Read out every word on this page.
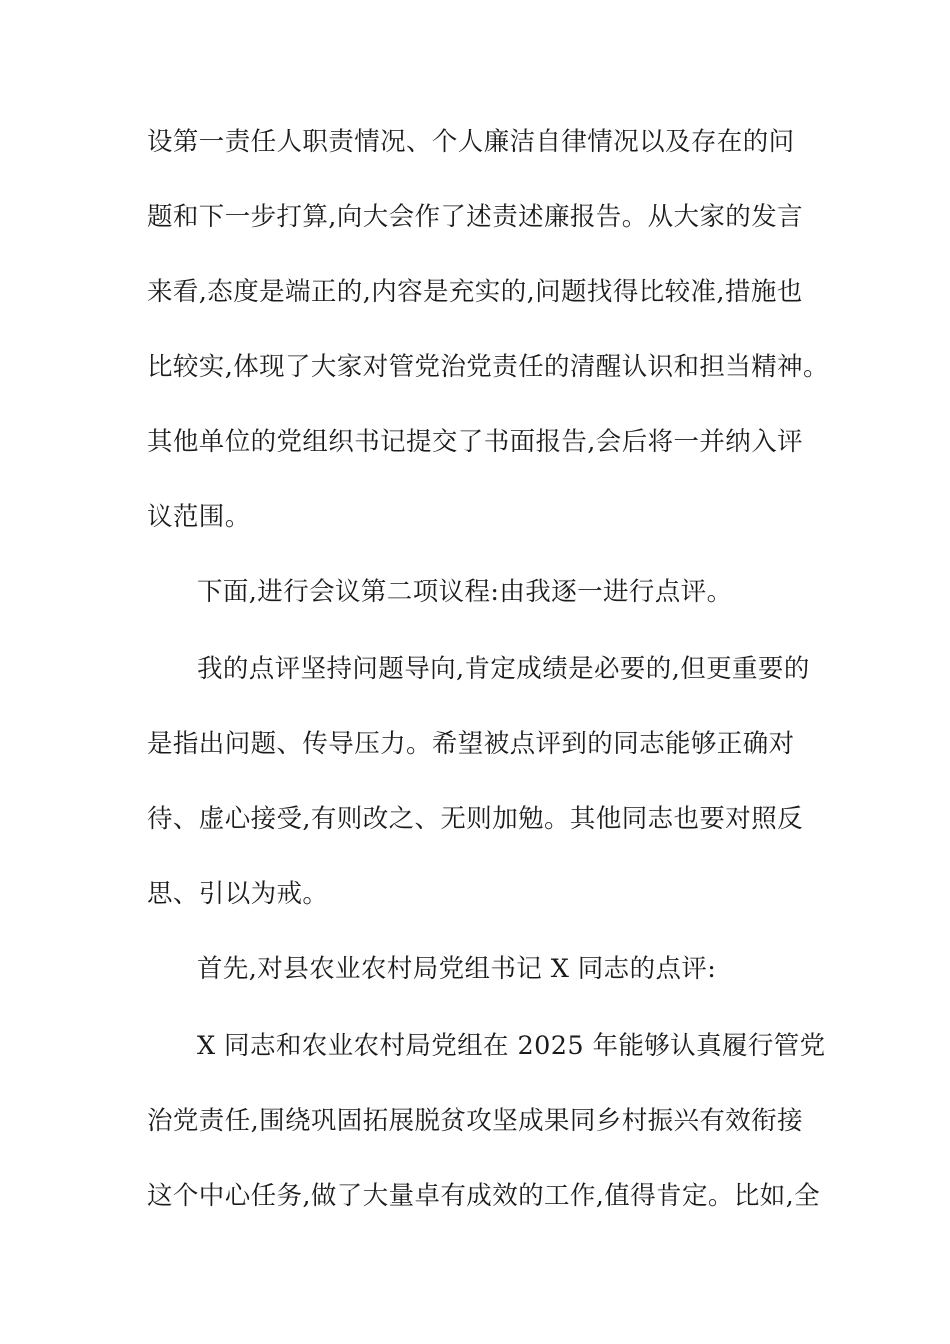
设第一责任人职责情况、个人廉洁自律情况以及存在的问
题和下一步打算,向大会作了述责述廉报告。从大家的发言
来看,态度是端正的,内容是充实的,问题找得比较准,措施也
比较实,体现了大家对管党治党责任的清醒认识和担当精神。
其他单位的党组织书记提交了书面报告,会后将一并纳入评
议范围。
下面,进行会议第二项议程:由我逐一进行点评。
我的点评坚持问题导向,肯定成绩是必要的,但更重要的
是指出问题、传导压力。希望被点评到的同志能够正确对
待、虚心接受,有则改之、无则加勉。其他同志也要对照反
思、引以为戒。
首先,对县农业农村局党组书记 X 同志的点评:
X 同志和农业农村局党组在 2025 年能够认真履行管党
治党责任,围绕巩固拓展脱贫攻坚成果同乡村振兴有效衔接
这个中心任务,做了大量卓有成效的工作,值得肯定。比如,全
